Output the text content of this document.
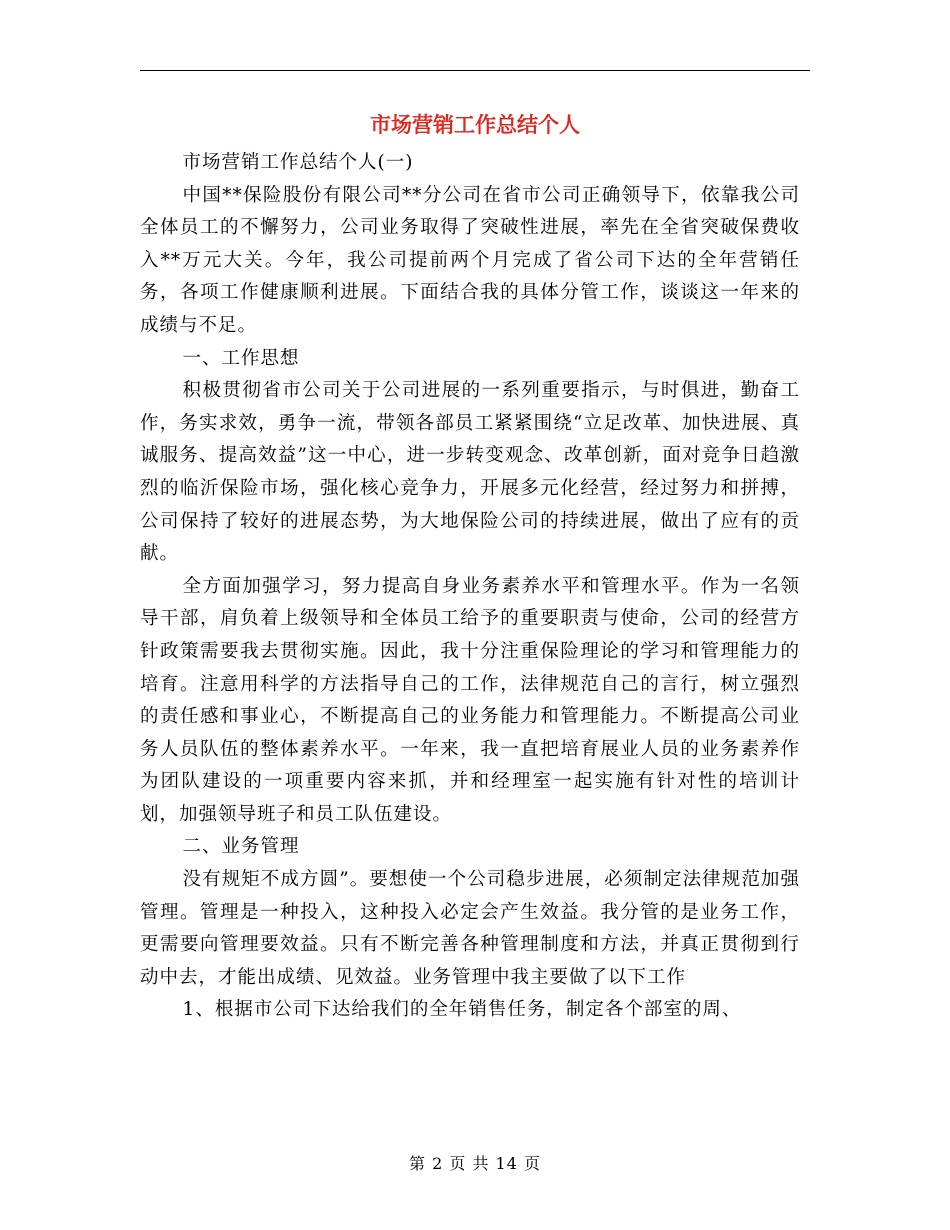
市场营销工作总结个人

市场营销工作总结个人(一)

中国**保险股份有限公司**分公司在省市公司正确领导下，依靠我公司全体员工的不懈努力，公司业务取得了突破性进展，率先在全省突破保费收入**万元大关。今年，我公司提前两个月完成了省公司下达的全年营销任务，各项工作健康顺利进展。下面结合我的具体分管工作，谈谈这一年来的成绩与不足。

一、工作思想

积极贯彻省市公司关于公司进展的一系列重要指示，与时俱进，勤奋工作，务实求效，勇争一流，带领各部员工紧紧围绕“立足改革、加快进展、真诚服务、提高效益”这一中心，进一步转变观念、改革创新，面对竞争日趋激烈的临沂保险市场，强化核心竞争力，开展多元化经营，经过努力和拼搏，公司保持了较好的进展态势，为大地保险公司的持续进展，做出了应有的贡献。

全方面加强学习，努力提高自身业务素养水平和管理水平。作为一名领导干部，肩负着上级领导和全体员工给予的重要职责与使命，公司的经营方针政策需要我去贯彻实施。因此，我十分注重保险理论的学习和管理能力的培育。注意用科学的方法指导自己的工作，法律规范自己的言行，树立强烈的责任感和事业心，不断提高自己的业务能力和管理能力。不断提高公司业务人员队伍的整体素养水平。一年来，我一直把培育展业人员的业务素养作为团队建设的一项重要内容来抓，并和经理室一起实施有针对性的培训计划，加强领导班子和员工队伍建设。

二、业务管理

没有规矩不成方圆”。要想使一个公司稳步进展，必须制定法律规范加强管理。管理是一种投入，这种投入必定会产生效益。我分管的是业务工作，更需要向管理要效益。只有不断完善各种管理制度和方法，并真正贯彻到行动中去，才能出成绩、见效益。业务管理中我主要做了以下工作

1、根据市公司下达给我们的全年销售任务，制定各个部室的周、

第 2 页 共 14 页
